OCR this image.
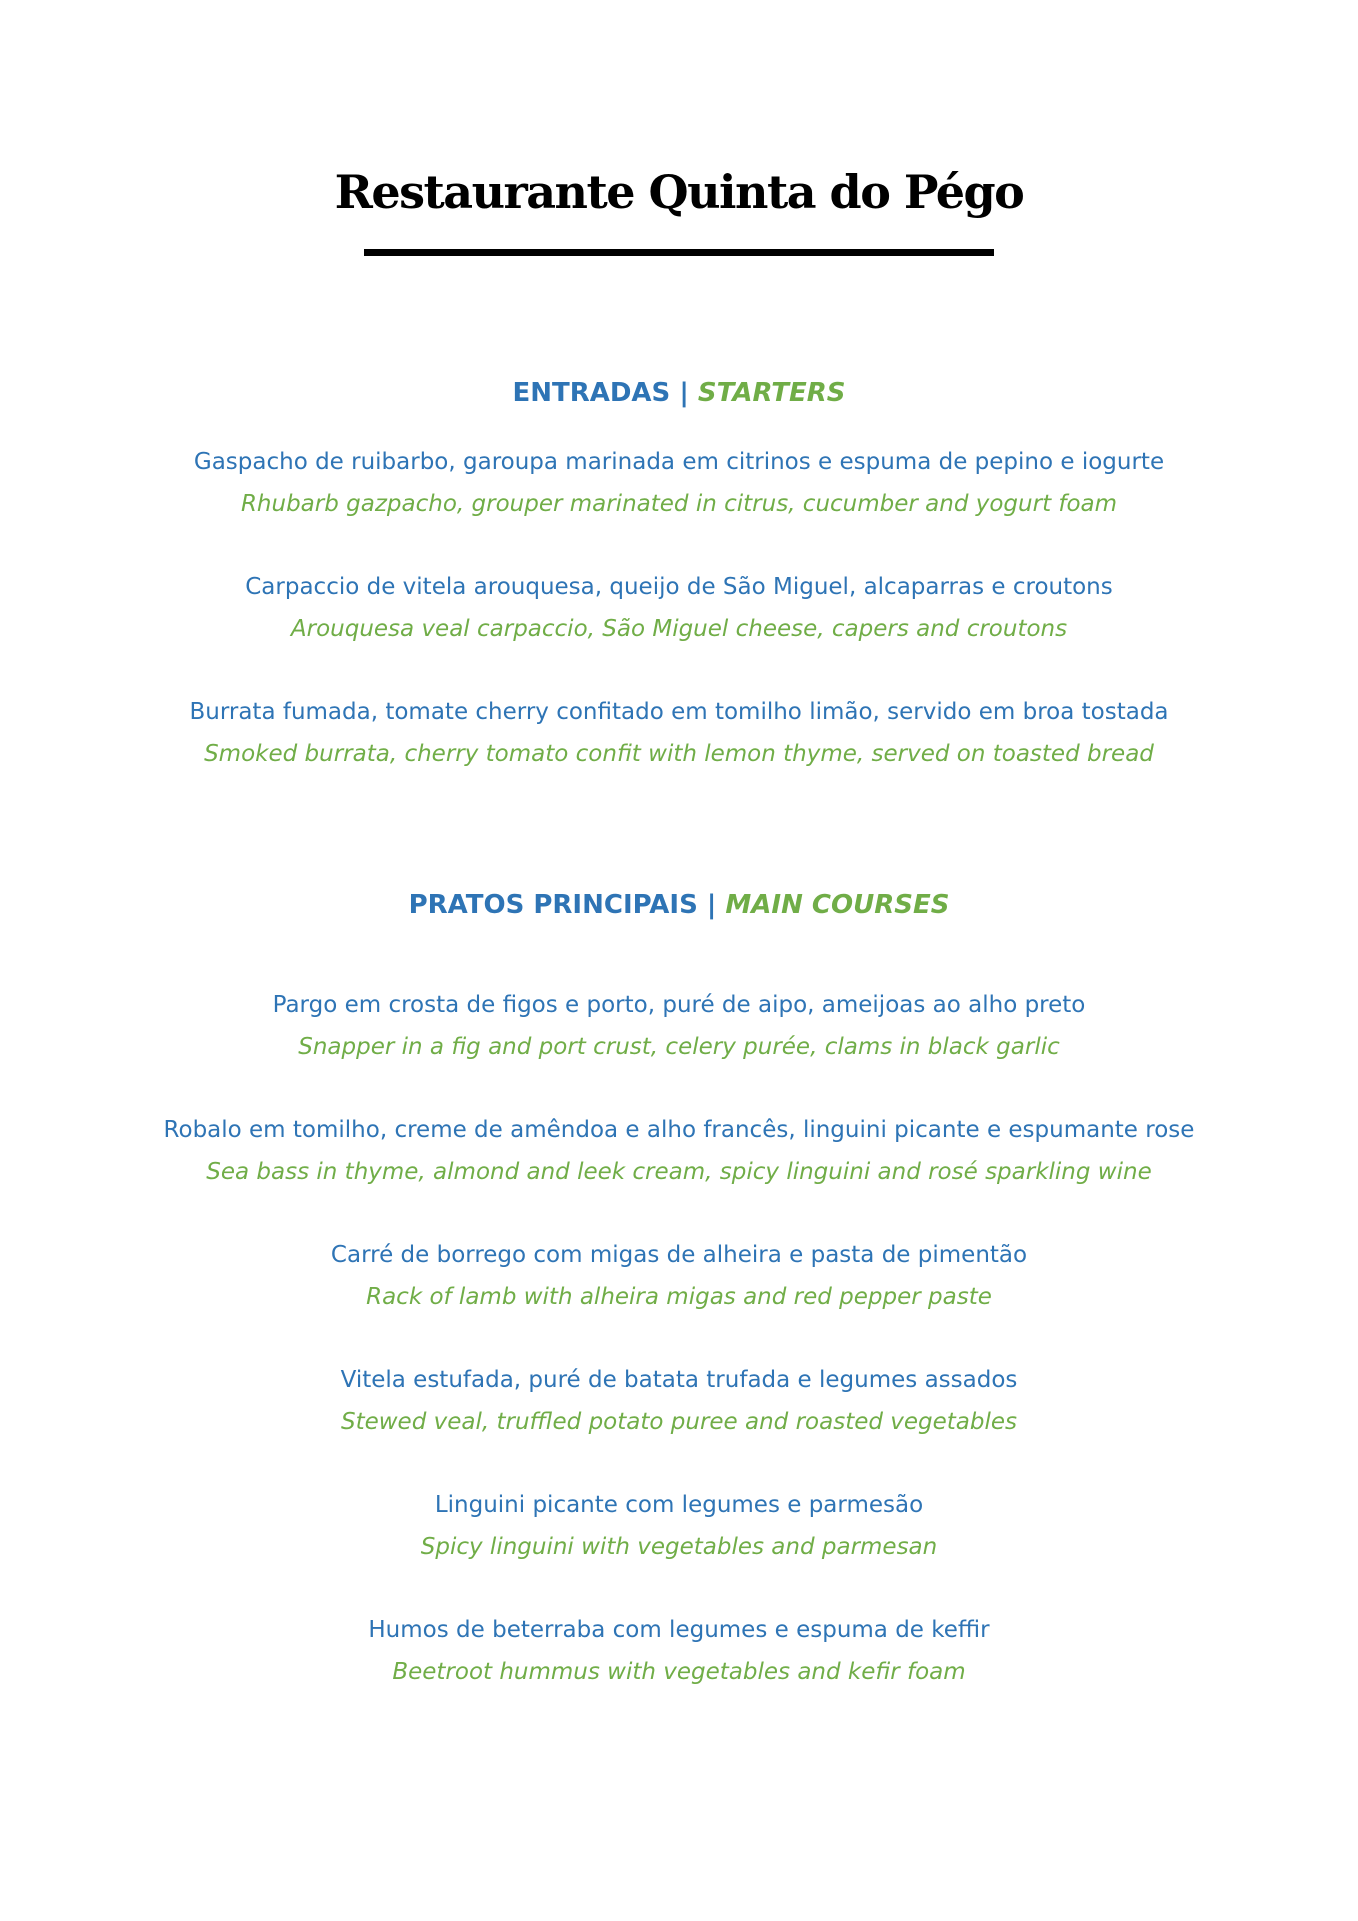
Restaurante Quinta do Pégo
ENTRADAS | STARTERS
Gaspacho de ruibarbo, garoupa marinada em citrinos e espuma de pepino e iogurte
Rhubarb gazpacho, grouper marinated in citrus, cucumber and yogurt foam
Carpaccio de vitela arouquesa, queijo de São Miguel, alcaparras e croutons
Arouquesa veal carpaccio, São Miguel cheese, capers and croutons
Burrata fumada, tomate cherry confitado em tomilho limão, servido em broa tostada
Smoked burrata, cherry tomato confit with lemon thyme, served on toasted bread
PRATOS PRINCIPAIS | MAIN COURSES
Pargo em crosta de figos e porto, puré de aipo, ameijoas ao alho preto
Snapper in a fig and port crust, celery purée, clams in black garlic
Robalo em tomilho, creme de amêndoa e alho francês, linguini picante e espumante rose
Sea bass in thyme, almond and leek cream, spicy linguini and rosé sparkling wine
Carré de borrego com migas de alheira e pasta de pimentão
Rack of lamb with alheira migas and red pepper paste
Vitela estufada, puré de batata trufada e legumes assados
Stewed veal, truffled potato puree and roasted vegetables
Linguini picante com legumes e parmesão
Spicy linguini with vegetables and parmesan
Humos de beterraba com legumes e espuma de keffir
Beetroot hummus with vegetables and kefir foam
